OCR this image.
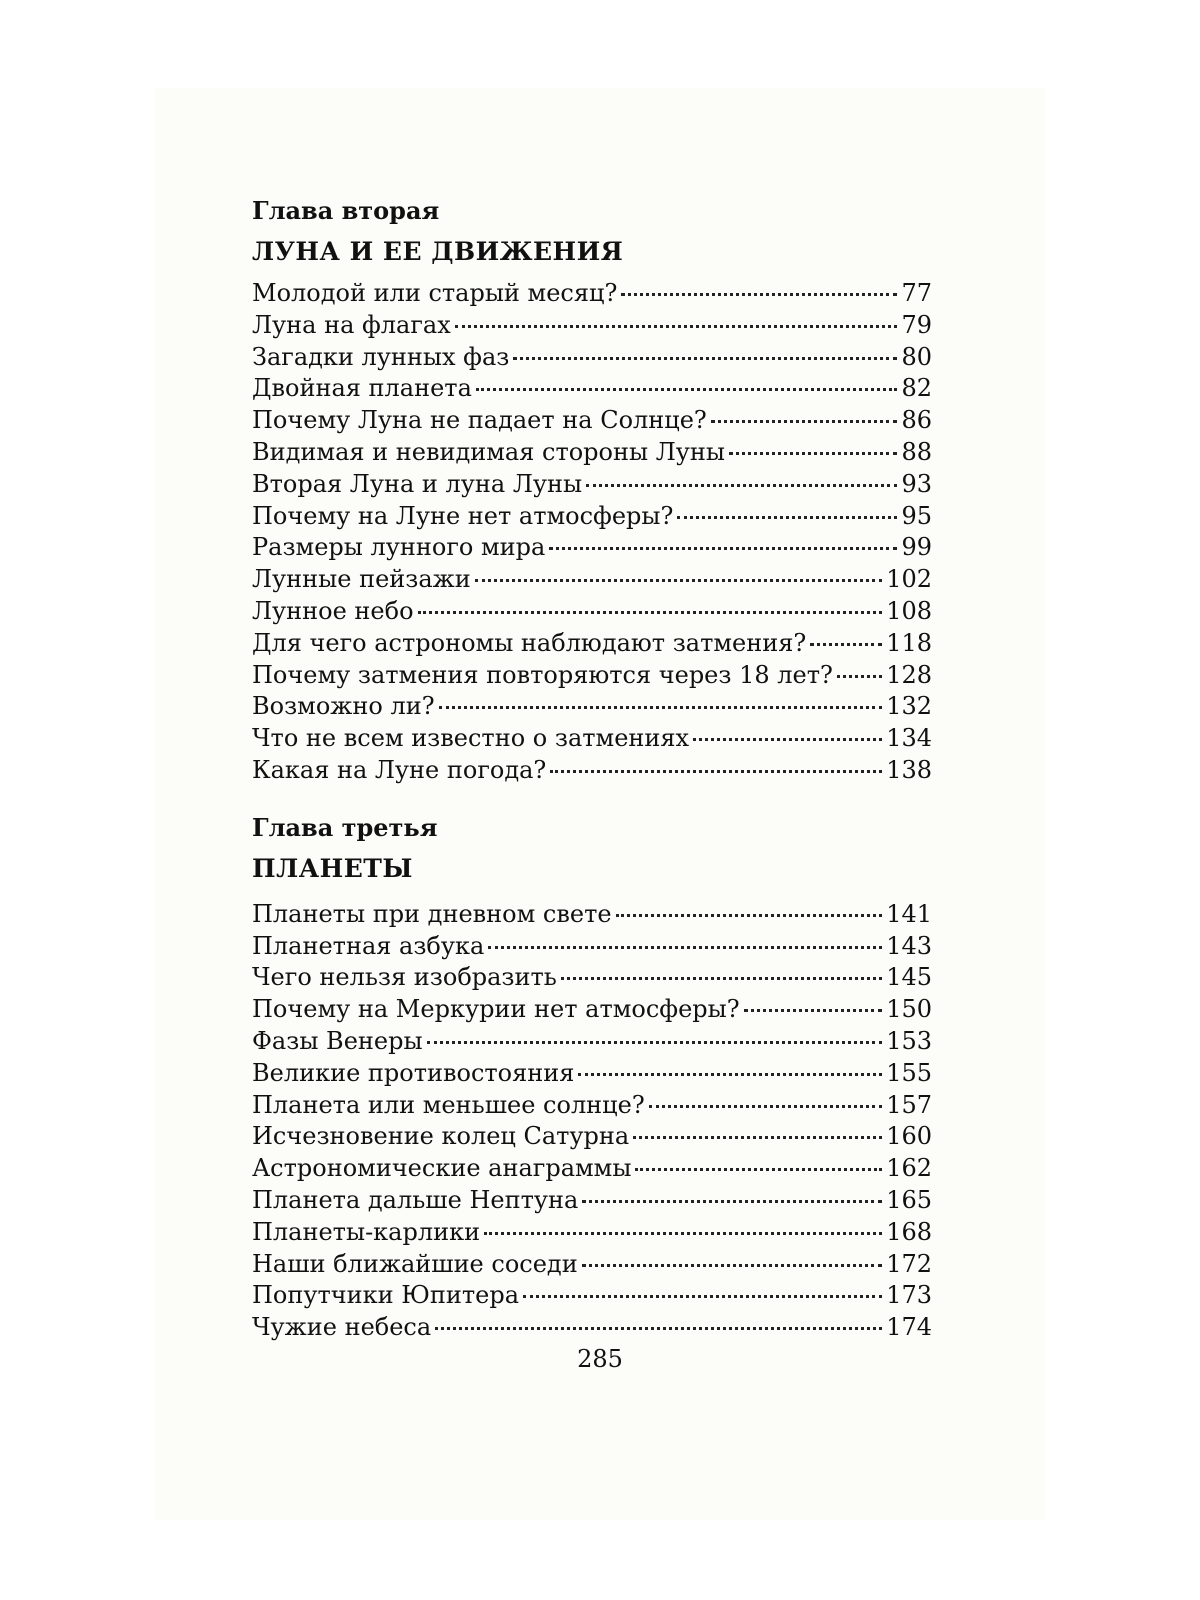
Глава вторая
ЛУНА И ЕЕ ДВИЖЕНИЯ
Молодой или старый месяц?	77
Луна на флагах	79
Загадки лунных фаз	80
Двойная планета	82
Почему Луна не падает на Солнце?	86
Видимая и невидимая стороны Луны	88
Вторая Луна и луна Луны	93
Почему на Луне нет атмосферы?	95
Размеры лунного мира	99
Лунные пейзажи	102
Лунное небо	108
Для чего астрономы наблюдают затмения?	118
Почему затмения повторяются через 18 лет? 128
Возможно ли?	132
Что не всем известно о затмениях	134
Какая на Луне погода?	138
Глава третья
ПЛАНЕТЫ
Планеты при дневном свете	141
Планетная азбука	143
Чего нельзя изобразить	145
Почему на Меркурии нет атмосферы?	150
Фазы Венеры	153
Великие противостояния	155
Планета или меньшее солнце?	157
Исчезновение колец Сатурна	160
Астрономические анаграммы	162
Планета дальше Нептуна	165
Планеты-карлики	168
Наши ближайшие соседи	172
Попутчики Юпитера	173
Чужие небеса	174
285
